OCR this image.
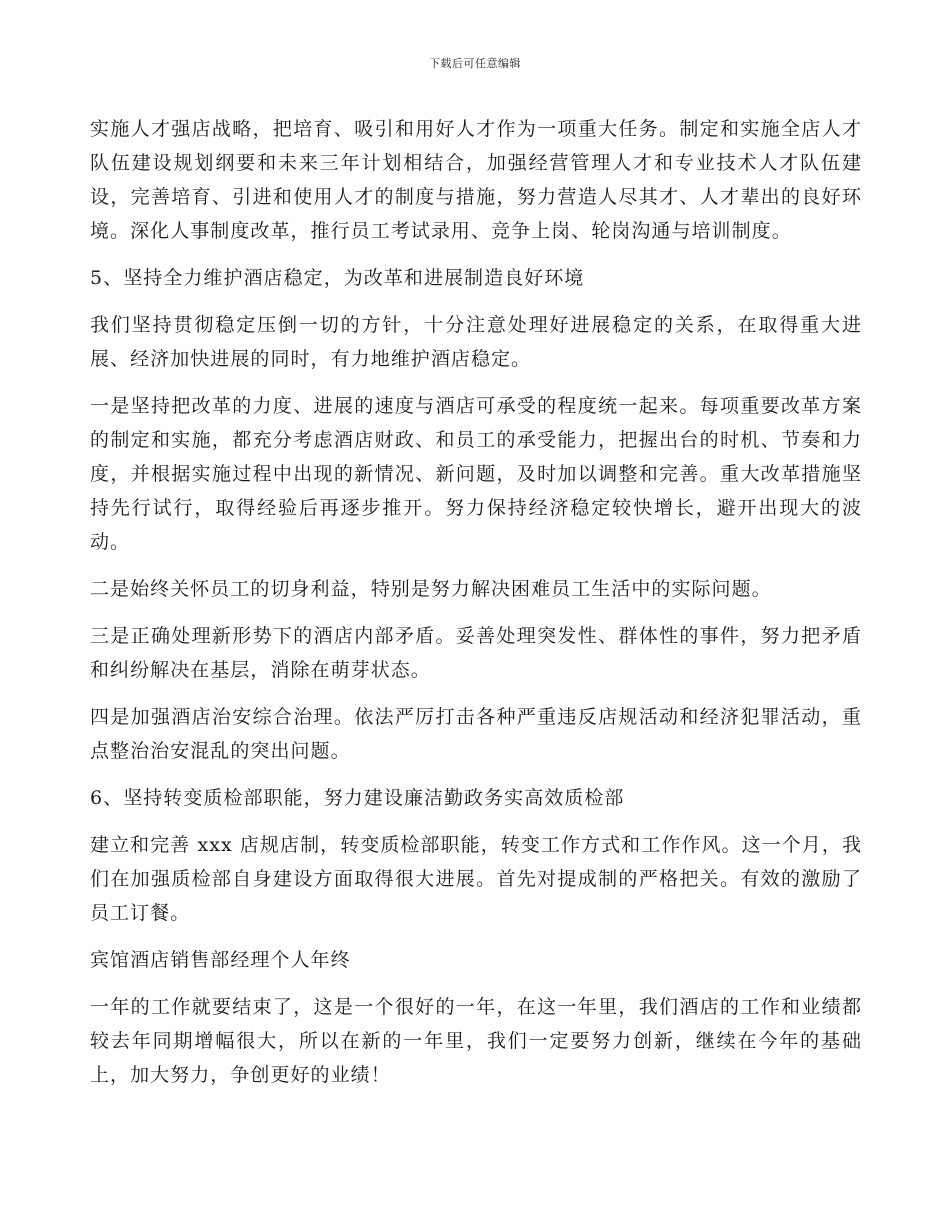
下载后可任意编辑

实施人才强店战略，把培育、吸引和用好人才作为一项重大任务。制定和实施全店人才队伍建设规划纲要和未来三年计划相结合，加强经营管理人才和专业技术人才队伍建设，完善培育、引进和使用人才的制度与措施，努力营造人尽其才、人才辈出的良好环境。深化人事制度改革，推行员工考试录用、竞争上岗、轮岗沟通与培训制度。

5、坚持全力维护酒店稳定，为改革和进展制造良好环境

我们坚持贯彻稳定压倒一切的方针，十分注意处理好进展稳定的关系，在取得重大进展、经济加快进展的同时，有力地维护酒店稳定。

一是坚持把改革的力度、进展的速度与酒店可承受的程度统一起来。每项重要改革方案的制定和实施，都充分考虑酒店财政、和员工的承受能力，把握出台的时机、节奏和力度，并根据实施过程中出现的新情况、新问题，及时加以调整和完善。重大改革措施坚持先行试行，取得经验后再逐步推开。努力保持经济稳定较快增长，避开出现大的波动。

二是始终关怀员工的切身利益，特别是努力解决困难员工生活中的实际问题。

三是正确处理新形势下的酒店内部矛盾。妥善处理突发性、群体性的事件，努力把矛盾和纠纷解决在基层，消除在萌芽状态。

四是加强酒店治安综合治理。依法严厉打击各种严重违反店规活动和经济犯罪活动，重点整治治安混乱的突出问题。

6、坚持转变质检部职能，努力建设廉洁勤政务实高效质检部

建立和完善 xxx 店规店制，转变质检部职能，转变工作方式和工作作风。这一个月，我们在加强质检部自身建设方面取得很大进展。首先对提成制的严格把关。有效的激励了员工订餐。

宾馆酒店销售部经理个人年终

一年的工作就要结束了，这是一个很好的一年，在这一年里，我们酒店的工作和业绩都较去年同期增幅很大，所以在新的一年里，我们一定要努力创新，继续在今年的基础上，加大努力，争创更好的业绩！
